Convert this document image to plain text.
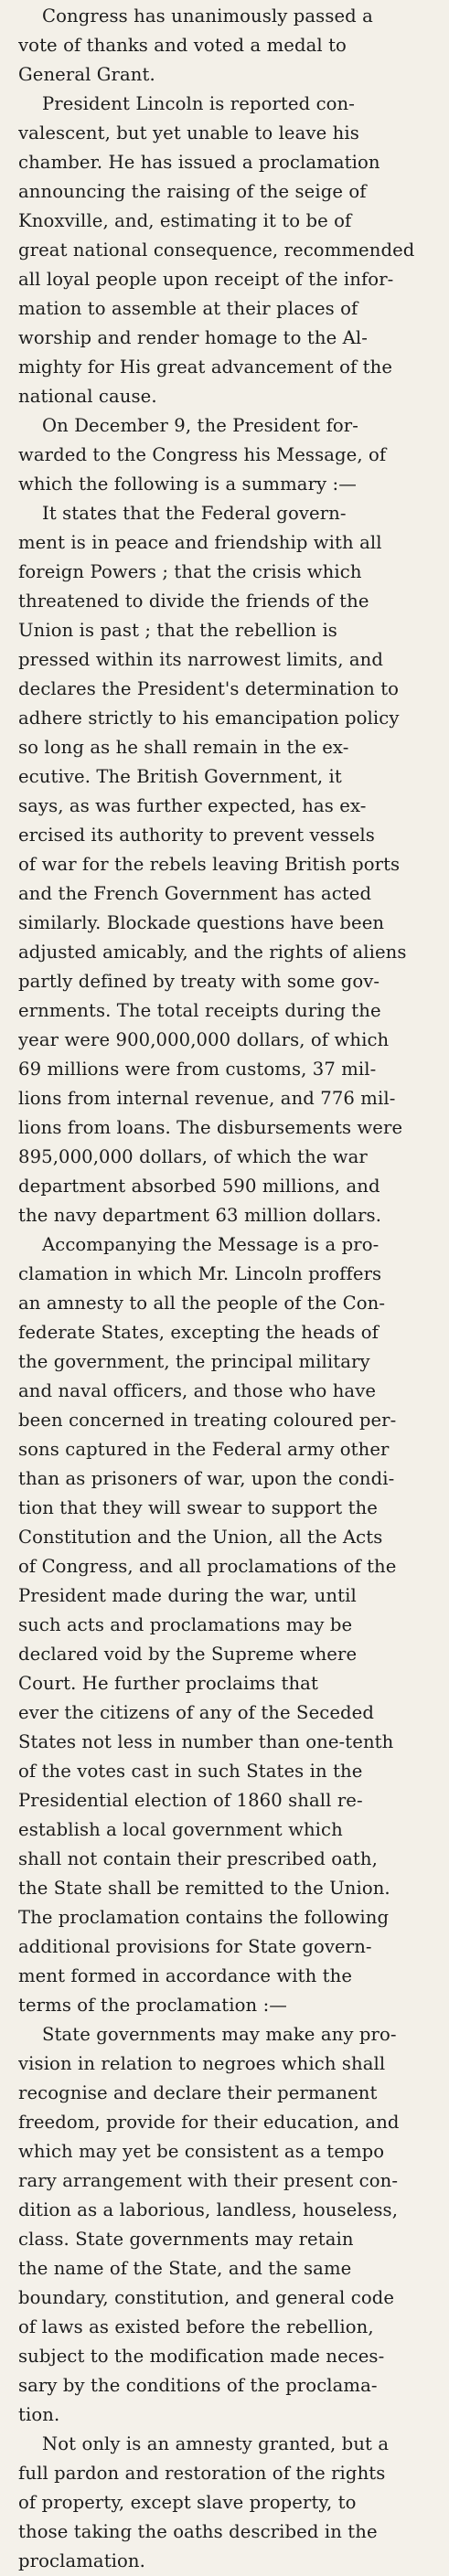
Congress has unanimously passed a
vote of thanks and voted a medal to
General Grant.
President Lincoln is reported con-
valescent, but yet unable to leave his
chamber. He has issued a proclamation
announcing the raising of the seige of
Knoxville, and, estimating it to be of
great national consequence, recommended
all loyal people upon receipt of the infor-
mation to assemble at their places of
worship and render homage to the Al-
mighty for His great advancement of the
national cause.
On December 9, the President for-
warded to the Congress his Message, of
which the following is a summary :—
It states that the Federal govern-
ment is in peace and friendship with all
foreign Powers ; that the crisis which
threatened to divide the friends of the
Union is past ; that the rebellion is
pressed within its narrowest limits, and
declares the President's determination to
adhere strictly to his emancipation policy
so long as he shall remain in the ex-
ecutive. The British Government, it
says, as was further expected, has ex-
ercised its authority to prevent vessels
of war for the rebels leaving British ports
and the French Government has acted
similarly. Blockade questions have been
adjusted amicably, and the rights of aliens
partly defined by treaty with some gov-
ernments. The total receipts during the
year were 900,000,000 dollars, of which
69 millions were from customs, 37 mil-
lions from internal revenue, and 776 mil-
lions from loans. The disbursements were
895,000,000 dollars, of which the war
department absorbed 590 millions, and
the navy department 63 million dollars.
Accompanying the Message is a pro-
clamation in which Mr. Lincoln proffers
an amnesty to all the people of the Con-
federate States, excepting the heads of
the government, the principal military
and naval officers, and those who have
been concerned in treating coloured per-
sons captured in the Federal army other
than as prisoners of war, upon the condi-
tion that they will swear to support the
Constitution and the Union, all the Acts
of Congress, and all proclamations of the
President made during the war, until
such acts and proclamations may be
declared void by the Supreme where
Court. He further proclaims that
ever the citizens of any of the Seceded
States not less in number than one-tenth
of the votes cast in such States in the
Presidential election of 1860 shall re-
establish a local government which
shall not contain their prescribed oath,
the State shall be remitted to the Union.
The proclamation contains the following
additional provisions for State govern-
ment formed in accordance with the
terms of the proclamation :—
State governments may make any pro-
vision in relation to negroes which shall
recognise and declare their permanent
freedom, provide for their education, and
which may yet be consistent as a tempo
rary arrangement with their present con-
dition as a laborious, landless, houseless,
class. State governments may retain
the name of the State, and the same
boundary, constitution, and general code
of laws as existed before the rebellion,
subject to the modification made neces-
sary by the conditions of the proclama-
tion.
Not only is an amnesty granted, but a
full pardon and restoration of the rights
of property, except slave property, to
those taking the oaths described in the
proclamation.
